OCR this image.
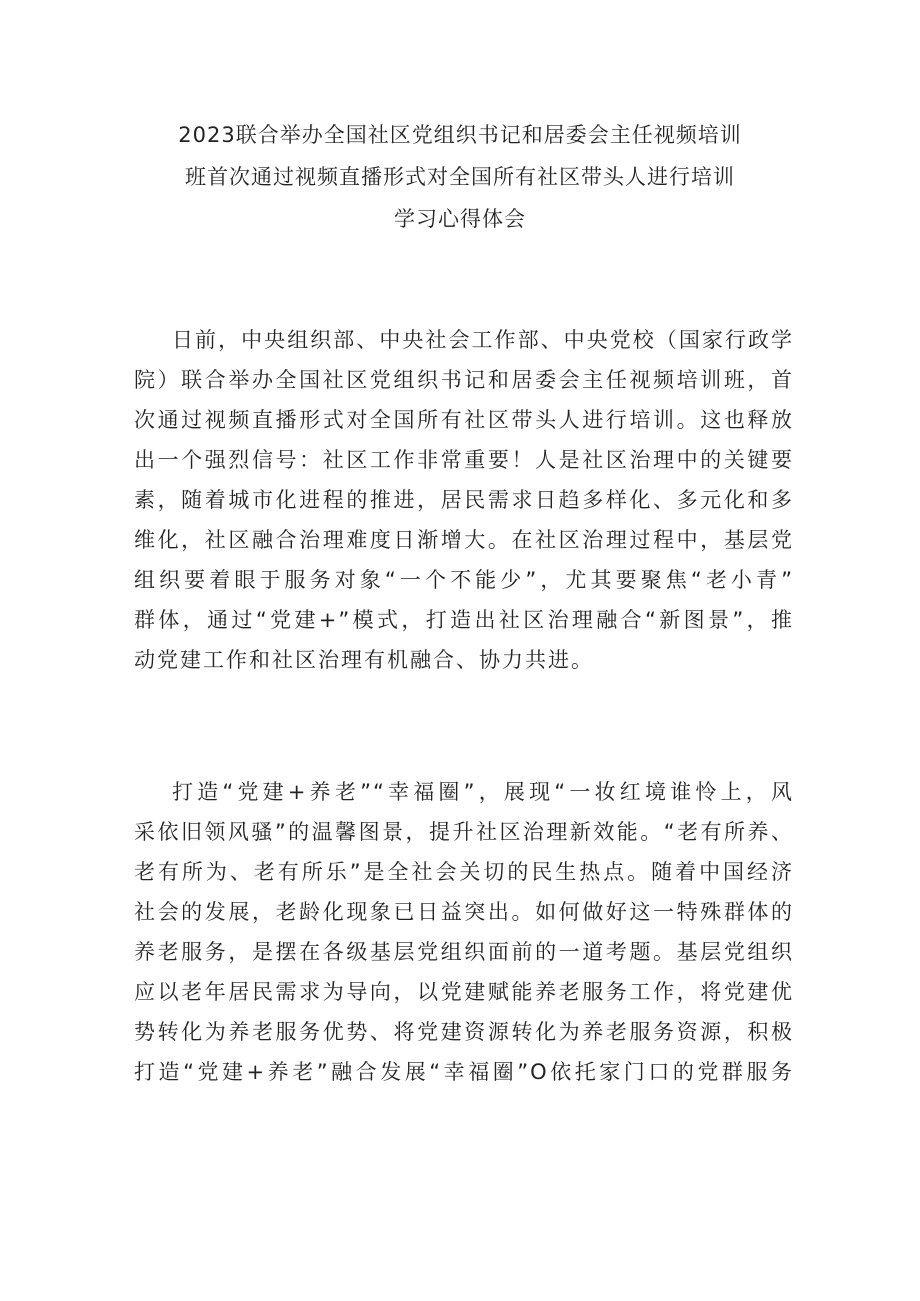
2023联合举办全国社区党组织书记和居委会主任视频培训
班首次通过视频直播形式对全国所有社区带头人进行培训
学习心得体会
日前，中央组织部、中央社会工作部、中央党校（国家行政学
院）联合举办全国社区党组织书记和居委会主任视频培训班，首
次通过视频直播形式对全国所有社区带头人进行培训。这也释放
出一个强烈信号：社区工作非常重要！人是社区治理中的关键要
素，随着城市化进程的推进，居民需求日趋多样化、多元化和多
维化，社区融合治理难度日渐增大。在社区治理过程中，基层党
组织要着眼于服务对象“一个不能少”，尤其要聚焦“老小青”
群体，通过“党建+”模式，打造出社区治理融合“新图景”，推
动党建工作和社区治理有机融合、协力共进。
打造“党建+养老”“幸福圈”，展现“一妆红境谁怜上，风
采依旧领风骚”的温馨图景，提升社区治理新效能。“老有所养、
老有所为、老有所乐”是全社会关切的民生热点。随着中国经济
社会的发展，老龄化现象已日益突出。如何做好这一特殊群体的
养老服务，是摆在各级基层党组织面前的一道考题。基层党组织
应以老年居民需求为导向，以党建赋能养老服务工作，将党建优
势转化为养老服务优势、将党建资源转化为养老服务资源，积极
打造“党建+养老”融合发展“幸福圈”O依托家门口的党群服务
